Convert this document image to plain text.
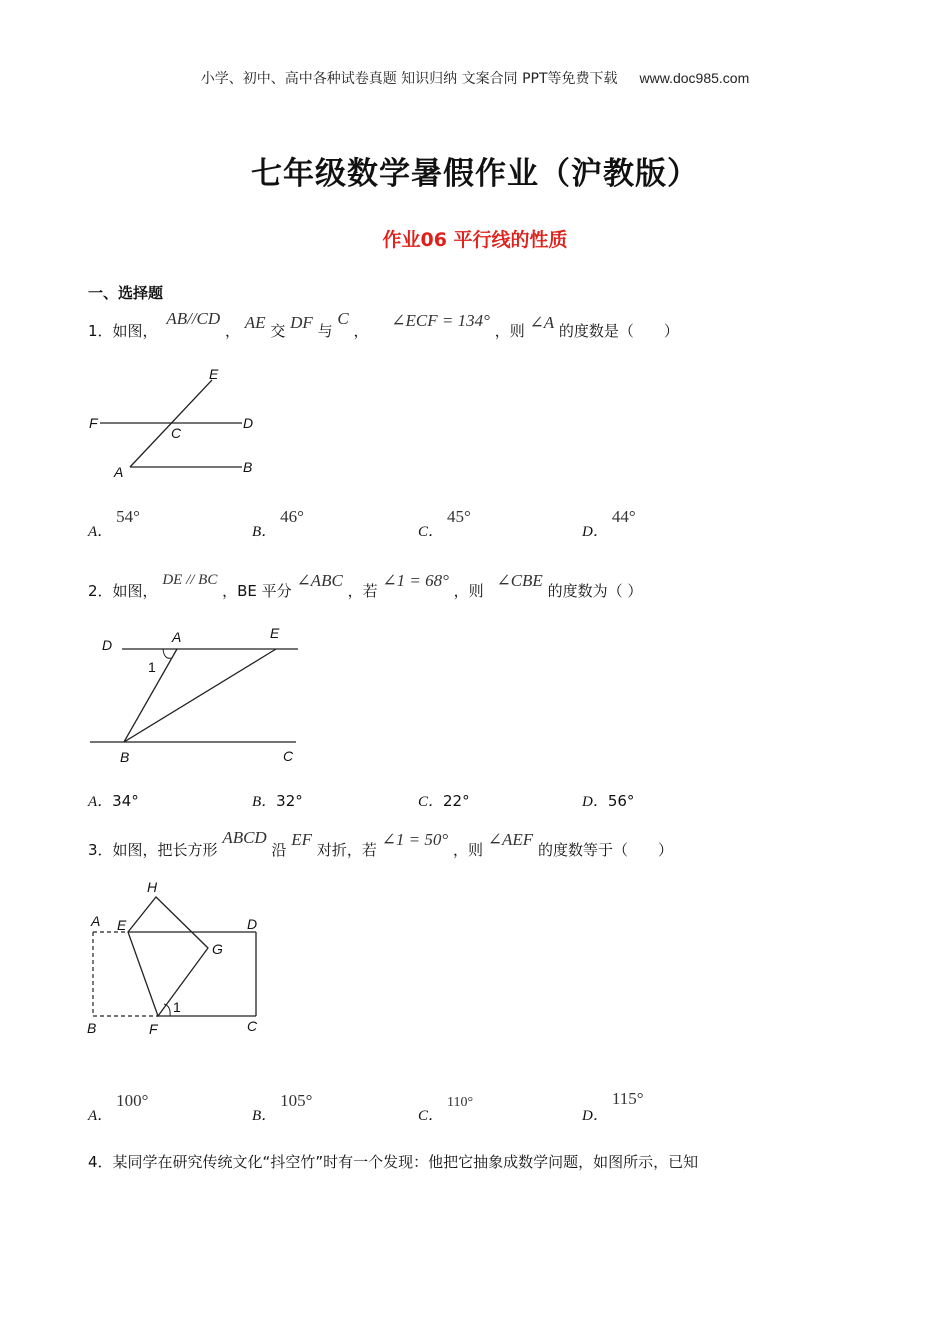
小学、初中、高中各种试卷真题 知识归纳 文案合同 PPT等免费下载 www.doc985.com
七年级数学暑假作业（沪教版）
作业06 平行线的性质
一、选择题
1．如图， AB//CD ， AE 交 DF 与 C ， ∠ECF = 134° ，则 ∠A 的度数是（　　）
E
F
C
D
A	B
A．54°
B．46°
C．45°
D．44°
2．如图， DE // BC ，BE 平分 ∠ABC ，若 ∠1 = 68° ，则 ∠CBE 的度数为（ ）
D	A	E
1
B	C
A．34°	B．32°	C．22°	D．56°
3．如图，把长方形 ABCD 沿 EF 对折，若 ∠1 = 50° ，则 ∠AEF 的度数等于（　　）
H
A E	D
G
1
B	F	C
A．100°
B．105°
C．110°
D．115°
4．某同学在研究传统文化“抖空竹”时有一个发现：他把它抽象成数学问题，如图所示，已知
